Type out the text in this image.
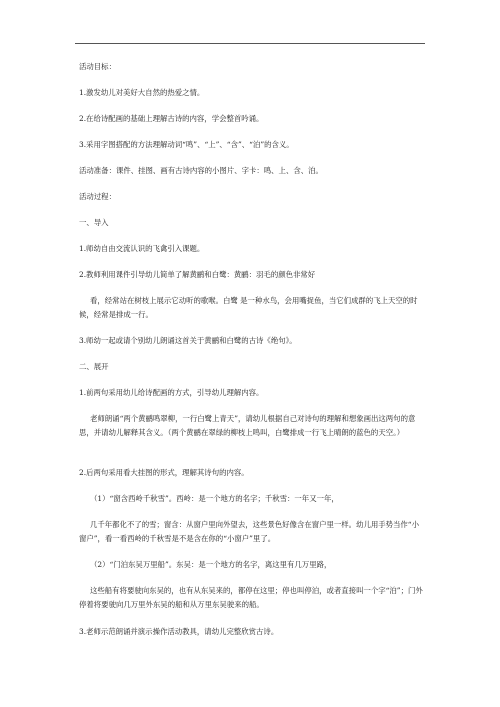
活动目标：
1.激发幼儿对美好大自然的热爱之情。
2.在给诗配画的基础上理解古诗的内容，学会整首吟诵。
3.采用字图搭配的方法理解动词“鸣”、“上”、“含”、“泊”的含义。
活动准备：课件、挂图、画有古诗内容的小图片、字卡：鸣、上、含、泊。
活动过程：
一、导入
1.师幼自由交流认识的飞禽引入课题。
2.教师利用课件引导幼儿简单了解黄鹂和白鹭：黄鹂：羽毛的颜色非常好
看，经常站在树枝上展示它动听的歌喉。白鹭 是一种水鸟，会用嘴捉鱼，当它们成群的飞上天空的时候，经常是排成一行。
3.师幼一起或请个别幼儿朗诵这首关于黄鹂和白鹭的古诗《绝句》。
二、展开
1.前两句采用幼儿给诗配画的方式，引导幼儿理解内容。
老师朗诵“两个黄鹂鸣翠柳，一行白鹭上青天”，请幼儿根据自己对诗句的理解和想象画出这两句的意思，并请幼儿解释其含义。（两个黄鹂在翠绿的柳枝上鸣叫，白鹭排成一行飞上晴朗的蓝色的天空。）
2.后两句采用看大挂图的形式，理解其诗句的内容。
（1）“窗含西岭千秋雪”。西岭：是一个地方的名字；千秋雪：一年又一年，
几千年都化不了的雪；窗含：从窗户里向外望去，这些景色好像含在窗户里一样。幼儿用手势当作“小窗户”，看一看西岭的千秋雪是不是含在你的“小窗户”里了。
（2）“门泊东吴万里船”。东吴：是一个地方的名字，离这里有几万里路，
这些船有将要驶向东吴的，也有从东吴来的，都停在这里；停也叫停泊，或者直接叫一个字“泊”；门外停着将要驶向几万里外东吴的船和从万里东吴驶来的船。
3.老师示范朗诵并演示操作活动教具，请幼儿完整欣赏古诗。
